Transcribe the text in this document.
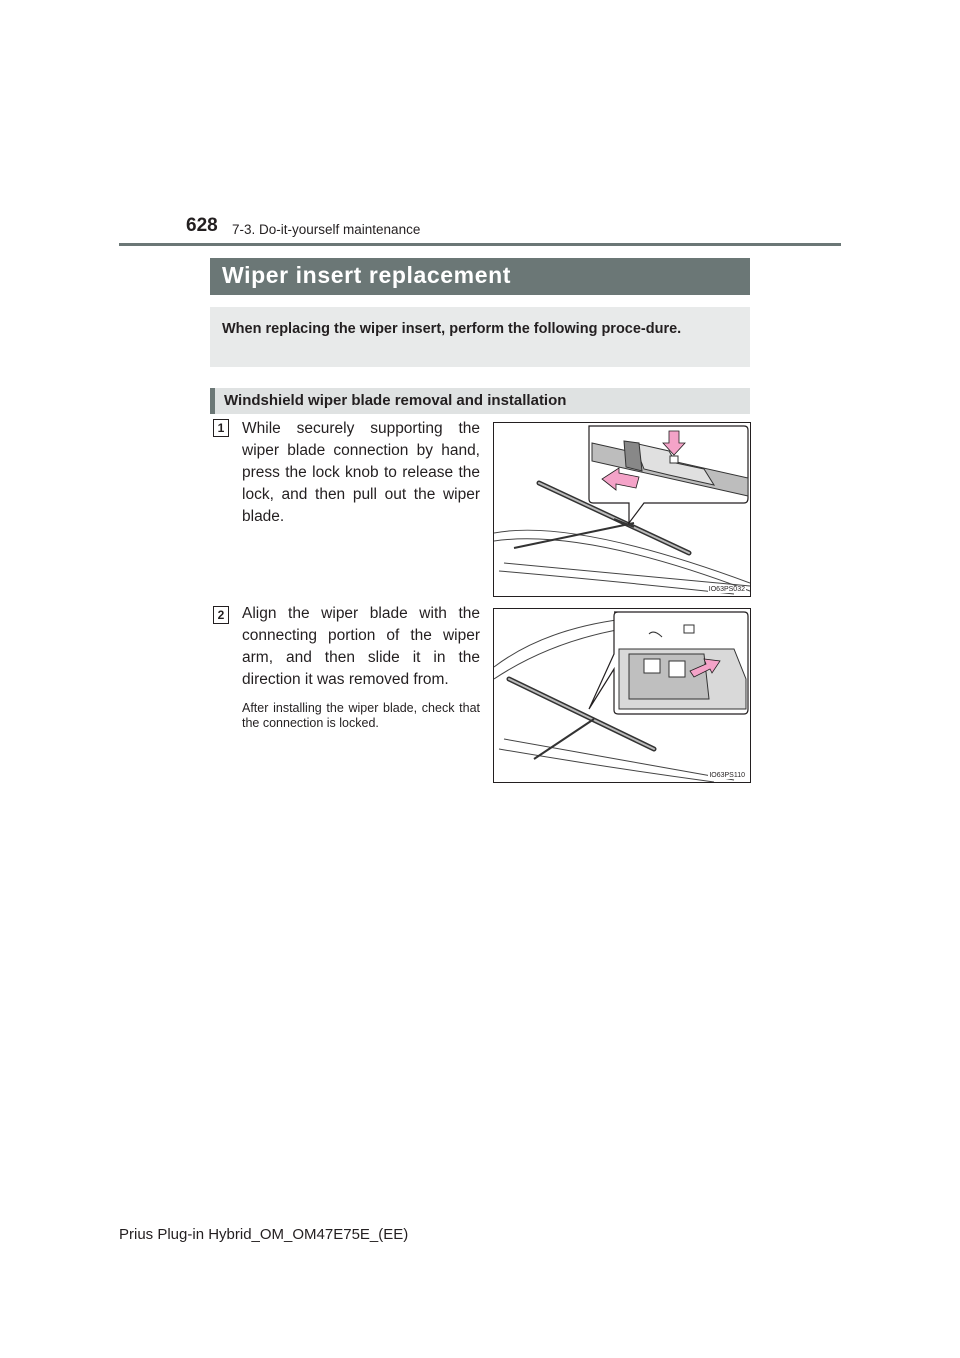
628 7-3. Do-it-yourself maintenance
Wiper insert replacement
When replacing the wiper insert, perform the following proce-dure.
Windshield wiper blade removal and installation
1	While securely supporting the wiper blade connection by hand, press the lock knob to release the lock, and then pull out the wiper blade.
IO63PS032
2	Align the wiper blade with the connecting portion of the wiper arm, and then slide it in the direction it was removed from.
After installing the wiper blade, check that the connection is locked.
IO63PS110
Prius Plug-in Hybrid_OM_OM47E75E_(EE)
